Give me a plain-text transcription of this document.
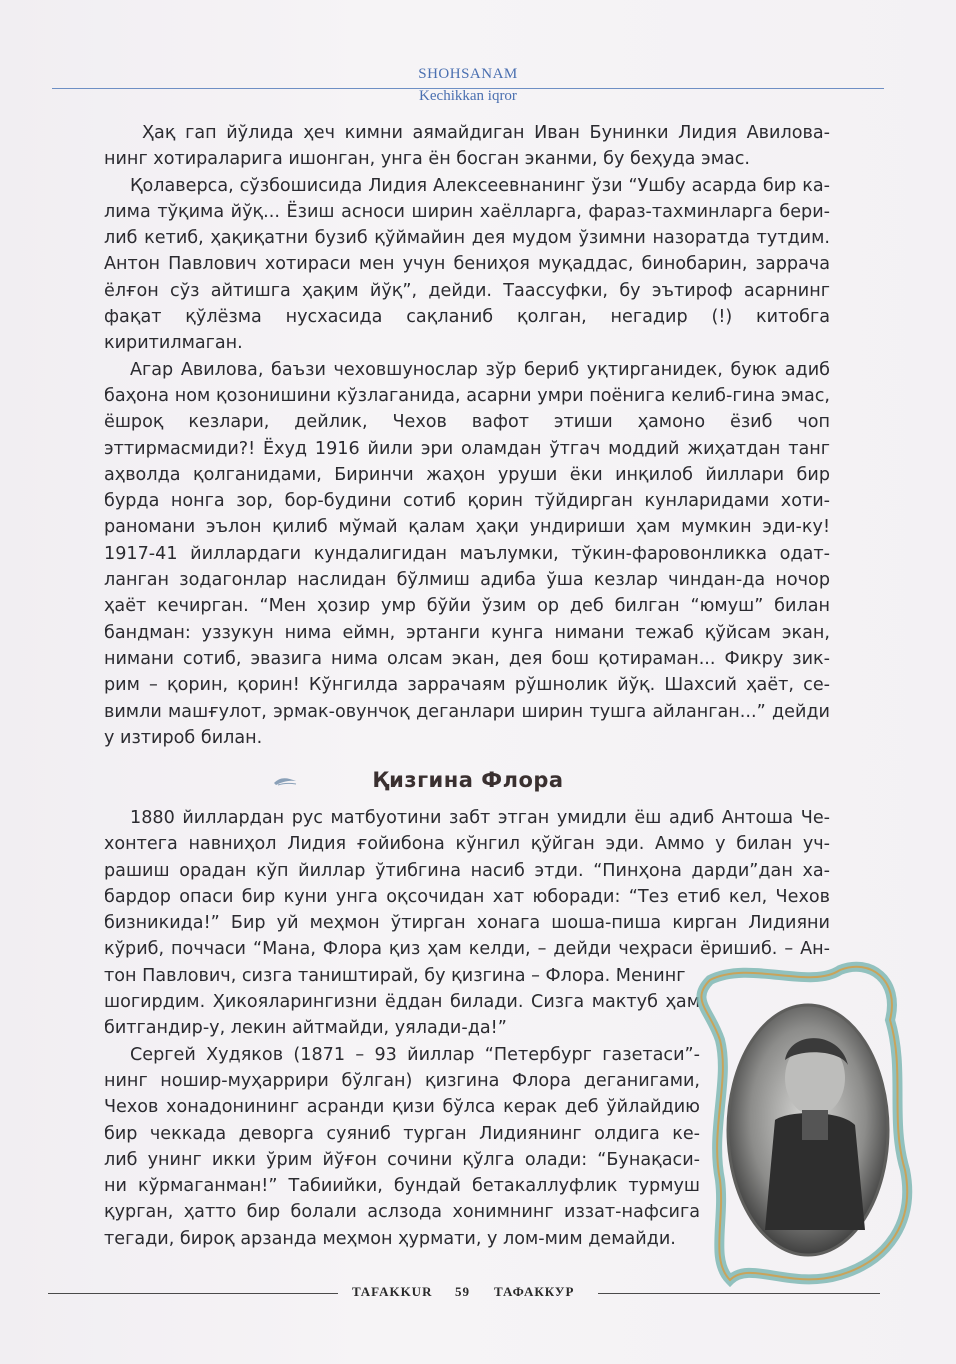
SHOHSANAM
Kechikkan iqror

Ҳақ гап йўлида ҳеч кимни аямайдиган Иван Бунинки Лидия Авилова-нинг хотираларига ишонган, унга ён босган эканми, бу беҳуда эмас.

Қолаверса, сўзбошисида Лидия Алексеевнанинг ўзи “Ушбу асарда бир ка-лима тўқима йўқ... Ёзиш асноси ширин хаёлларга, фараз-тахминларга бери-либ кетиб, ҳақиқатни бузиб қўймайин дея мудом ўзимни назоратда тутдим. Антон Павлович хотираси мен учун бениҳоя муқаддас, бинобарин, заррача ёлғон сўз айтишга ҳақим йўқ”, дейди. Таассуфки, бу эътироф асарнинг фақат қўлёзма нусхасида сақланиб қолган, негадир (!) китобга киритилмаган.

Агар Авилова, баъзи чеховшунослар зўр бериб уқтирганидек, буюк адиб баҳона ном қозонишини кўзлаганида, асарни умри поёнига келиб-гина эмас, ёшроқ кезлари, дейлик, Чехов вафот этиши ҳамоно ёзиб чоп эттирмасмиди?! Ёхуд 1916 йили эри оламдан ўтгач моддий жиҳатдан танг аҳволда қолганидами, Биринчи жаҳон уруши ёки инқилоб йиллари бир бурда нонга зор, бор-будини сотиб қорин тўйдирган кунларидами хоти-раномани эълон қилиб мўмай қалам ҳақи ундириши ҳам мумкин эди-ку! 1917-41 йиллардаги кундалигидан маълумки, тўкин-фаровонликка одат-ланган зодагонлар наслидан бўлмиш адиба ўша кезлар чиндан-да ночор ҳаёт кечирган. “Мен ҳозир умр бўйи ўзим ор деб билган “юмуш” билан бандман: уззукун нима еймн, эртанги кунга нимани тежаб қўйсам экан, нимани сотиб, эвазига нима олсам экан, дея бош қотираман... Фикру зик-рим – қорин, қорин! Кўнгилда заррачаям рўшнолик йўқ. Шахсий ҳаёт, се-вимли машғулот, эрмак-овунчоқ деганлари ширин тушга айланган...” дейди у изтироб билан.

Қизгина Флора

1880 йиллардан рус матбуотини забт этган умидли ёш адиб Антоша Че-хонтега навниҳол Лидия ғойибона кўнгил қўйган эди. Аммо у билан уч-рашиш орадан кўп йиллар ўтибгина насиб этди. “Пинҳона дарди”дан ха-бардор опаси бир куни унга оқсочидан хат юборади: “Тез етиб кел, Чехов бизникида!” Бир уй меҳмон ўтирган хонага шоша-пиша кирган Лидияни кўриб, поччаси “Мана, Флора қиз ҳам келди, – дейди чеҳраси ёришиб. – Ан-тон Павлович, сизга таништирай, бу қизгина – Флора. Менинг

шогирдим. Ҳикояларингизни ёддан билади. Сизга мактуб ҳам
битгандир-у, лекин айтмайди, уялади-да!”
Сергей Худяков (1871 – 93 йиллар “Петербург газетаси”-
нинг ношир-муҳаррири бўлган) қизгина Флора деганигами,
Чехов хонадонининг асранди қизи бўлса керак деб ўйлайдию
бир чеккада деворга суяниб турган Лидиянинг олдига ке-
либ унинг икки ўрим йўғон сочини қўлга олади: “Бунақаси-
ни кўрмаганман!” Табиийки, бундай бетакаллуфлик турмуш
қурган, ҳатто бир болали аслзода хонимнинг иззат-нафсига
тегади, бироқ арзанда меҳмон ҳурмати, у лом-мим демайди.
TAFAKKUR 59 ТАФАККУР
